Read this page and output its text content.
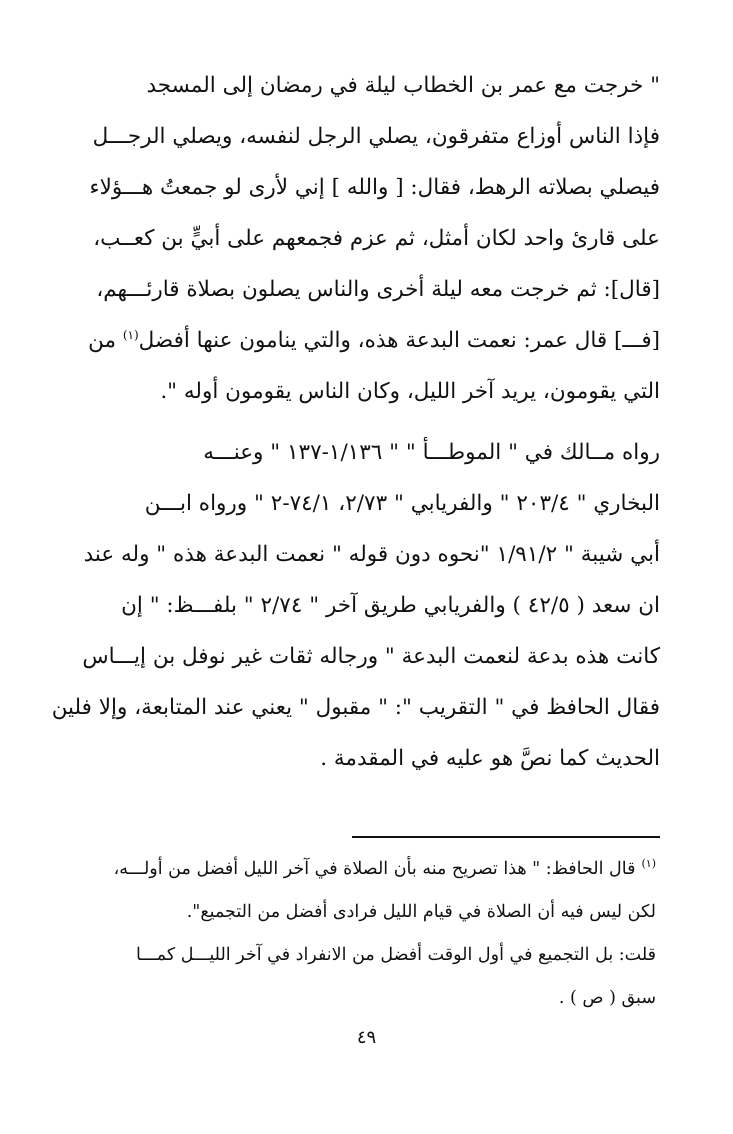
" خرجت مع عمر بن الخطاب ليلة في رمضان إلى المسجد
فإذا الناس أوزاع متفرقون، يصلي الرجل لنفسه، ويصلي الرجـــل
فيصلي بصلاته الرهط، فقال: [ والله ] إني لأرى لو جمعتُ هـــؤلاء
على قارئ واحد لكان أمثل، ثم عزم فجمعهم على أبيٍّ بن كعــب،
[قال]: ثم خرجت معه ليلة أخرى والناس يصلون بصلاة قارئـــهم،
[فـــ] قال عمر: نعمت البدعة هذه، والتي ينامون عنها أفضل$^{(١)}$ من
التي يقومون، يريد آخر الليل، وكان الناس يقومون أوله ".
رواه مــالك في " الموطـــأ " " ١/١٣٦-١٣٧ " وعنـــه
البخاري " ٢٠٣/٤ " والفريابي " ٢/٧٣، ٧٤/١-٢ " ورواه ابـــن
أبي شيبة " ١/٩١/٢ "نحوه دون قوله " نعمت البدعة هذه " وله عند
ان سعد ( ٤٢/٥ ) والفريابي طريق آخر " ٢/٧٤ " بلفـــظ: " إن
كانت هذه بدعة لنعمت البدعة " ورجاله ثقات غير نوفل بن إيـــاس
فقال الحافظ في " التقريب ": " مقبول " يعني عند المتابعة، وإلا فلين
الحديث كما نصَّ هو عليه في المقدمة .
$^{(١)}$قال الحافظ: " هذا تصريح منه بأن الصلاة في آخر الليل أفضل من أولـــه،
لكن ليس فيه أن الصلاة في قيام الليل فرادى أفضل من التجميع".
قلت: بل التجميع في أول الوقت أفضل من الانفراد في آخر الليـــل كمـــا
سبق ( ص ) .
٤٩
